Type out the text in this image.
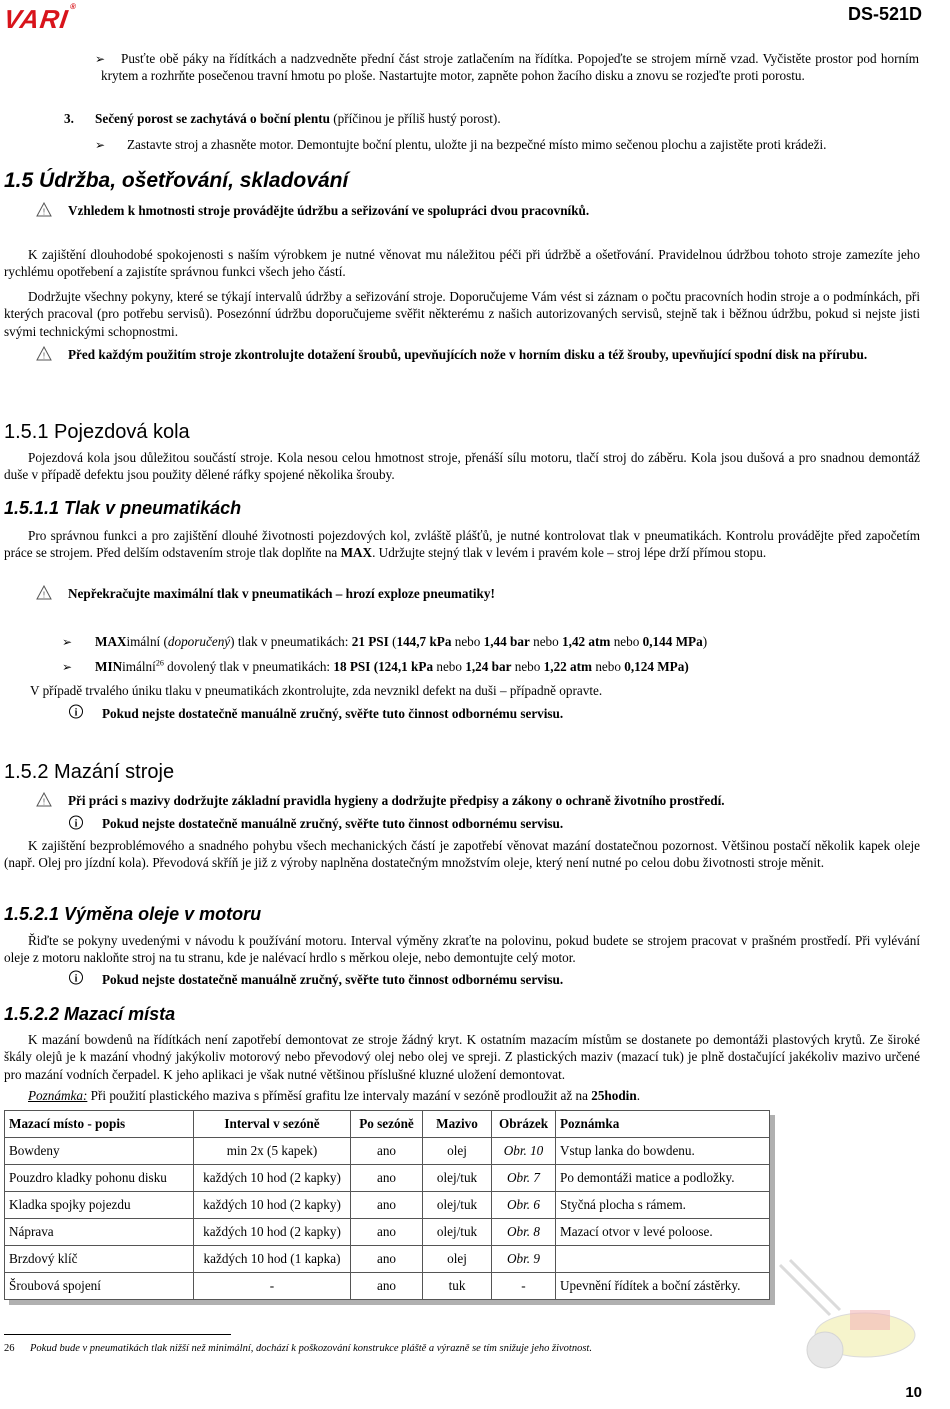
VARI®	DS-521D
➢	Pusťte obě páky na řídítkách a nadzvedněte přední část stroje zatlačením na řídítka. Popojeďte se strojem mírně vzad. Vyčistěte prostor pod horním krytem a rozhrňte posečenou travní hmotu po ploše. Nastartujte motor, zapněte pohon žacího disku a znovu se rozjeďte proti porostu.
3. Sečený porost se zachytává o boční plentu (příčinou je příliš hustý porost).
➢ Zastavte stroj a zhasněte motor. Demontujte boční plentu, uložte ji na bezpečné místo mimo sečenou plochu a zajistěte proti krádeži.
1.5 Údržba, ošetřování, skladování
! Vzhledem k hmotnosti stroje provádějte údržbu a seřizování ve spolupráci dvou pracovníků.
K zajištění dlouhodobé spokojenosti s naším výrobkem je nutné věnovat mu náležitou péči při údržbě a ošetřování. Pravidelnou údržbou tohoto stroje zamezíte jeho rychlému opotřebení a zajistíte správnou funkci všech jeho částí.
Dodržujte všechny pokyny, které se týkají intervalů údržby a seřizování stroje. Doporučujeme Vám vést si záznam o počtu pracovních hodin stroje a o podmínkách, při kterých pracoval (pro potřebu servisů). Posezónní údržbu doporučujeme svěřit některému z našich autorizovaných servisů, stejně tak i běžnou údržbu, pokud si nejste jisti svými technickými schopnostmi.
! Před každým použitím stroje zkontrolujte dotažení šroubů, upevňujících nože v horním disku a též šrouby, upevňující spodní disk na přírubu.
1.5.1 Pojezdová kola
Pojezdová kola jsou důležitou součástí stroje. Kola nesou celou hmotnost stroje, přenáší sílu motoru, tlačí stroj do záběru. Kola jsou dušová a pro snadnou demontáž duše v případě defektu jsou použity dělené ráfky spojené několika šrouby.
1.5.1.1 Tlak v pneumatikách
Pro správnou funkci a pro zajištění dlouhé životnosti pojezdových kol, zvláště plášťů, je nutné kontrolovat tlak v pneumatikách. Kontrolu provádějte před započetím práce se strojem. Před delším odstavením stroje tlak doplňte na MAX. Udržujte stejný tlak v levém i pravém kole – stroj lépe drží přímou stopu.
! Nepřekračujte maximální tlak v pneumatikách – hrozí exploze pneumatiky!
➢ MAXimální (doporučený) tlak v pneumatikách: 21 PSI (144,7 kPa nebo 1,44 bar nebo 1,42 atm nebo 0,144 MPa)
➢ MINimální$^{26}$ dovolený tlak v pneumatikách: 18 PSI (124,1 kPa nebo 1,24 bar nebo 1,22 atm nebo 0,124 MPa)
V případě trvalého úniku tlaku v pneumatikách zkontrolujte, zda nevznikl defekt na duši – případně opravte.
i Pokud nejste dostatečně manuálně zručný, svěřte tuto činnost odbornému servisu.
1.5.2 Mazání stroje
! Při práci s mazivy dodržujte základní pravidla hygieny a dodržujte předpisy a zákony o ochraně životního prostředí.
i Pokud nejste dostatečně manuálně zručný, svěřte tuto činnost odbornému servisu.
K zajištění bezproblémového a snadného pohybu všech mechanických částí je zapotřebí věnovat mazání dostatečnou pozornost. Většinou postačí několik kapek oleje (např. Olej pro jízdní kola). Převodová skříň je již z výroby naplněna dostatečným množstvím oleje, který není nutné po celou dobu životnosti stroje měnit.
1.5.2.1 Výměna oleje v motoru
Řiďte se pokyny uvedenými v návodu k používání motoru. Interval výměny zkraťte na polovinu, pokud budete se strojem pracovat v prašném prostředí. Při vylévání oleje z motoru nakloňte stroj na tu stranu, kde je nalévací hrdlo s měrkou oleje, nebo demontujte celý motor.
i Pokud nejste dostatečně manuálně zručný, svěřte tuto činnost odbornému servisu.
1.5.2.2 Mazací místa
K mazání bowdenů na řídítkách není zapotřebí demontovat ze stroje žádný kryt. K ostatním mazacím místům se dostanete po demontáži plastových krytů. Ze široké škály olejů je k mazání vhodný jakýkoliv motorový nebo převodový olej nebo olej ve spreji. Z plastických maziv (mazací tuk) je plně dostačující jakékoliv mazivo určené pro mazání vodních čerpadel. K jeho aplikaci je však nutné většinou příslušné kluzné uložení demontovat.
Poznámka: Při použití plastického maziva s příměsí grafitu lze intervaly mazání v sezóně prodloužit až na 25hodin.
Mazací místo - popis	Interval v sezóně	Po sezóně	Mazivo	Obrázek	Poznámka
Bowdeny	min 2x (5 kapek)	ano	olej	Obr. 10	Vstup lanka do bowdenu.
Pouzdro kladky pohonu disku	každých 10 hod (2 kapky)	ano	olej/tuk	Obr. 7	Po demontáži matice a podložky.
Kladka spojky pojezdu	každých 10 hod (2 kapky)	ano	olej/tuk	Obr. 6	Styčná plocha s rámem.
Náprava	každých 10 hod (2 kapky)	ano	olej/tuk	Obr. 8	Mazací otvor v levé poloose.
Brzdový klíč	každých 10 hod (1 kapka)	ano	olej	Obr. 9	
Šroubová spojení	-	ano	tuk	-	Upevnění řídítek a boční zástěrky.
26 Pokud bude v pneumatikách tlak nižší než minimální, dochází k poškozování konstrukce pláště a výrazně se tím snižuje jeho životnost.
10
